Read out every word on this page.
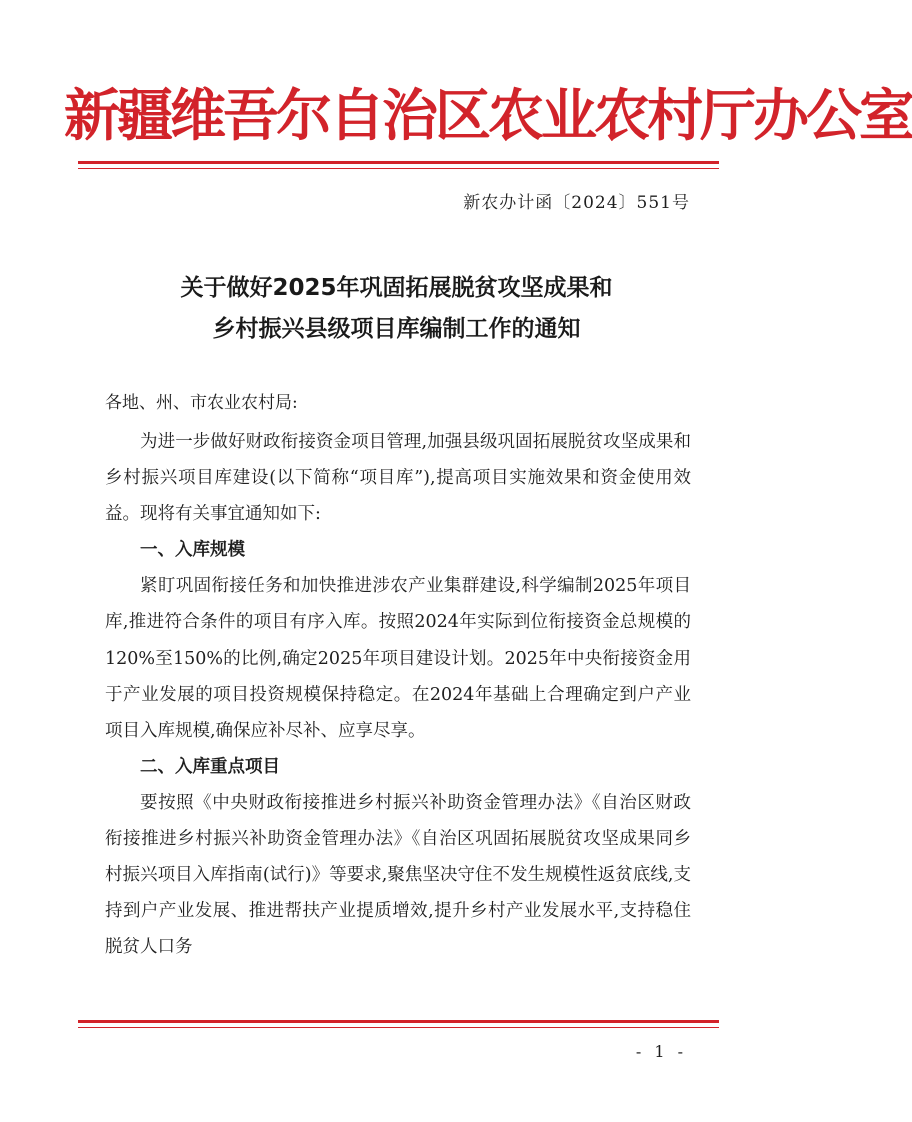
新疆维吾尔自治区农业农村厅办公室
新农办计函〔2024〕551号
关于做好2025年巩固拓展脱贫攻坚成果和
乡村振兴县级项目库编制工作的通知
各地、州、市农业农村局:

为进一步做好财政衔接资金项目管理,加强县级巩固拓展脱贫攻坚成果和乡村振兴项目库建设(以下简称“项目库”),提高项目实施效果和资金使用效益。现将有关事宜通知如下:

一、入库规模

紧盯巩固衔接任务和加快推进涉农产业集群建设,科学编制2025年项目库,推进符合条件的项目有序入库。按照2024年实际到位衔接资金总规模的120%至150%的比例,确定2025年项目建设计划。2025年中央衔接资金用于产业发展的项目投资规模保持稳定。在2024年基础上合理确定到户产业项目入库规模,确保应补尽补、应享尽享。

二、入库重点项目

要按照《中央财政衔接推进乡村振兴补助资金管理办法》《自治区财政衔接推进乡村振兴补助资金管理办法》《自治区巩固拓展脱贫攻坚成果同乡村振兴项目入库指南(试行)》等要求,聚焦坚决守住不发生规模性返贫底线,支持到户产业发展、推进帮扶产业提质增效,提升乡村产业发展水平,支持稳住脱贫人口务

- 1 -
